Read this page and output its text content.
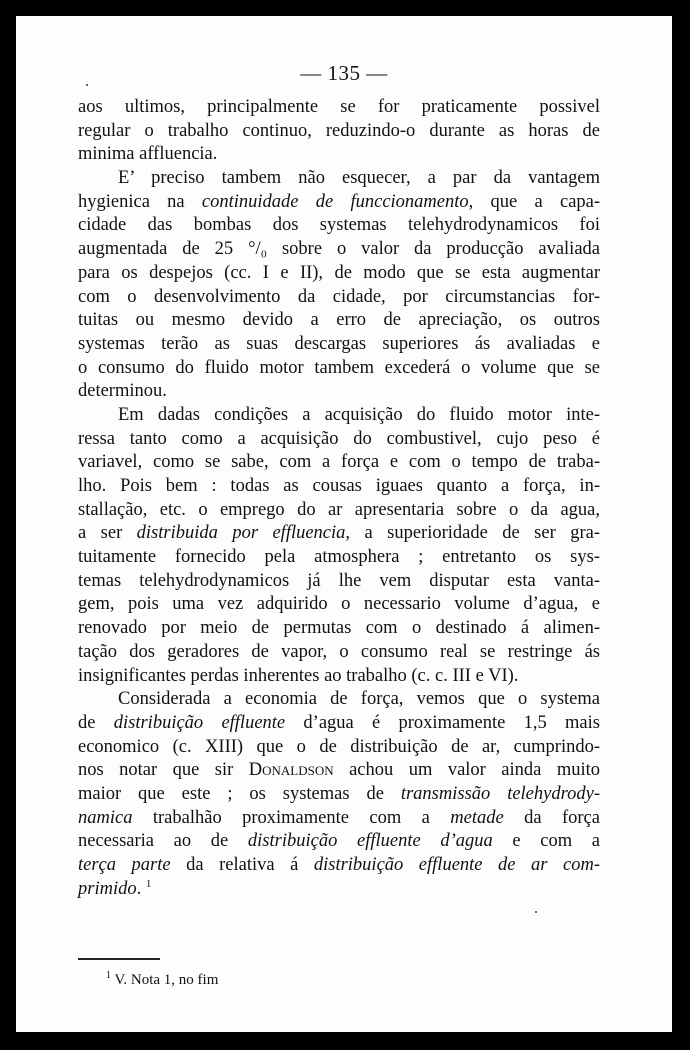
— 135 —
aos ultimos, principalmente se for praticamente possivel
regular o trabalho continuo, reduzindo-o durante as horas de
minima affluencia.
E’ preciso tambem não esquecer, a par da vantagem
hygienica na continuidade de funccionamento, que a capa-
cidade das bombas dos systemas telehydrodynamicos foi
augmentada de 25 °/₀ sobre o valor da producção avaliada
para os despejos (cc. I e II), de modo que se esta augmentar
com o desenvolvimento da cidade, por circumstancias for-
tuitas ou mesmo devido a erro de apreciação, os outros
systemas terão as suas descargas superiores ás avaliadas e
o consumo do fluido motor tambem excederá o volume que se
determinou.
Em dadas condições a acquisição do fluido motor inte-
ressa tanto como a acquisição do combustivel, cujo peso é
variavel, como se sabe, com a força e com o tempo de traba-
lho. Pois bem : todas as cousas iguaes quanto a força, in-
stallação, etc. o emprego do ar apresentaria sobre o da agua,
a ser distribuida por effluencia, a superioridade de ser gra-
tuitamente fornecido pela atmosphera ; entretanto os sys-
temas telehydrodynamicos já lhe vem disputar esta vanta-
gem, pois uma vez adquirido o necessario volume d’agua, e
renovado por meio de permutas com o destinado á alimen-
tação dos geradores de vapor, o consumo real se restringe ás
insignificantes perdas inherentes ao trabalho (c. c. III e VI).
Considerada a economia de força, vemos que o systema
de distribuição effluente d’agua é proximamente 1,5 mais
economico (c. XIII) que o de distribuição de ar, cumprindo-
nos notar que sir Donaldson achou um valor ainda muito
maior que este ; os systemas de transmissão telehydrody-
namica trabalhão proximamente com a metade da força
necessaria ao de distribuição effluente d’agua e com a
terça parte da relativa á distribuição effluente de ar com-
primido. $^1$
$^1$ V. Nota 1, no fim
